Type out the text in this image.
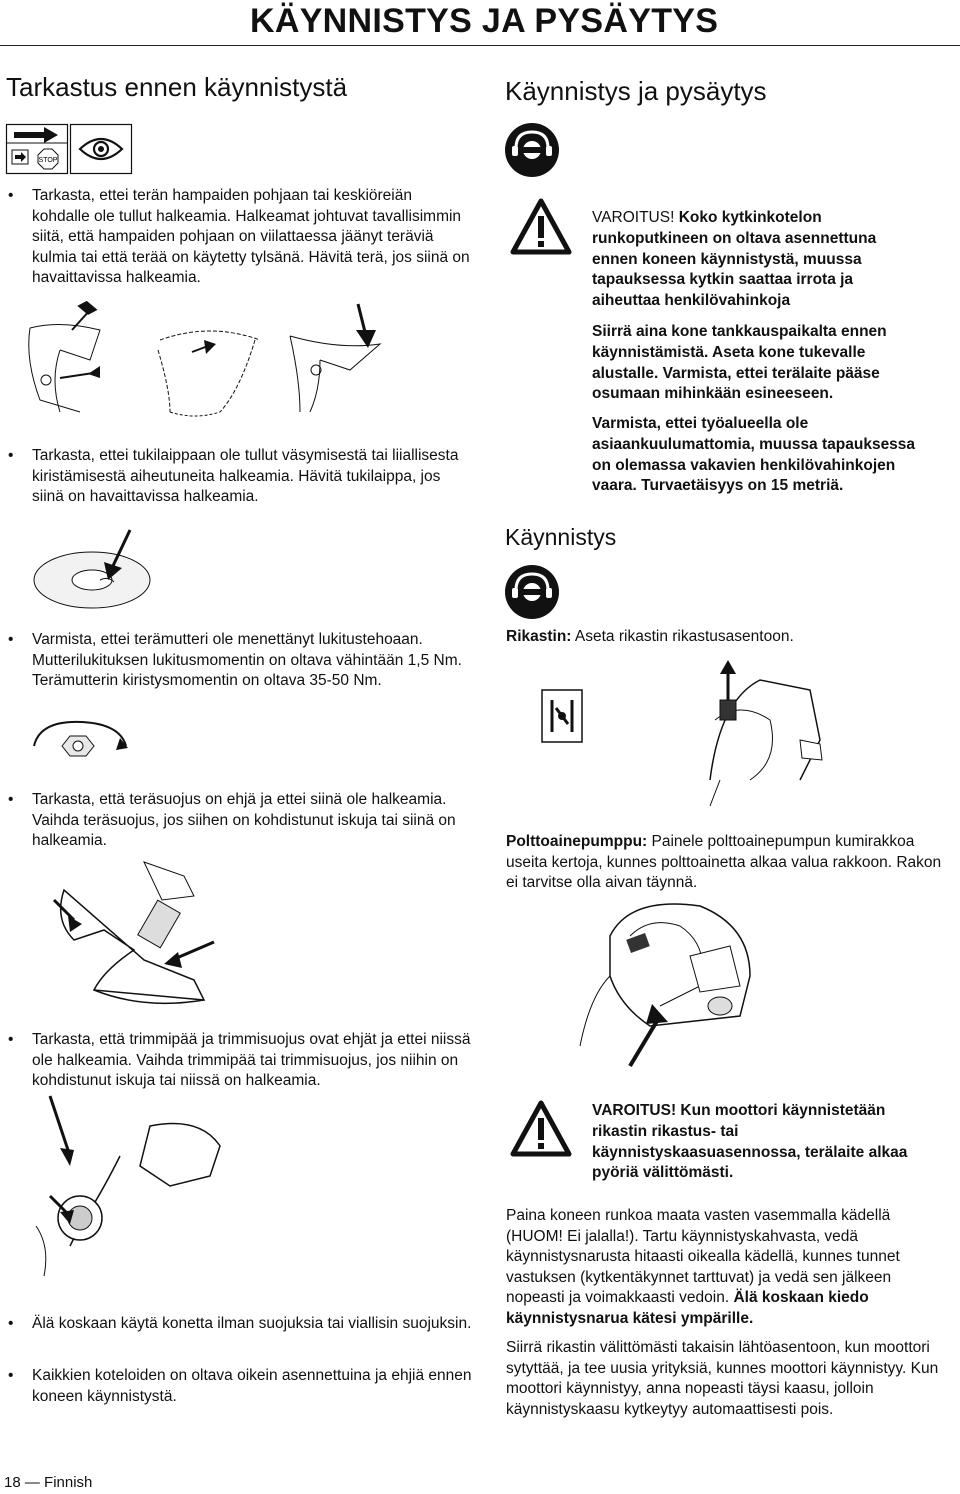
KÄYNNISTYS JA PYSÄYTYS
Tarkastus ennen käynnistystä
STOP
• Tarkasta, ettei terän hampaiden pohjaan tai keskiöreiän kohdalle ole tullut halkeamia. Halkeamat johtuvat tavallisimmin siitä, että hampaiden pohjaan on viilattaessa jäänyt teräviä kulmia tai että terää on käytetty tylsänä. Hävitä terä, jos siinä on havaittavissa halkeamia.
• Tarkasta, ettei tukilaippaan ole tullut väsymisestä tai liiallisesta kiristämisestä aiheutuneita halkeamia. Hävitä tukilaippa, jos siinä on havaittavissa halkeamia.
• Varmista, ettei terämutteri ole menettänyt lukitustehoaan. Mutterilukituksen lukitusmomentin on oltava vähintään 1,5 Nm. Terämutterin kiristysmomentin on oltava 35-50 Nm.
• Tarkasta, että teräsuojus on ehjä ja ettei siinä ole halkeamia. Vaihda teräsuojus, jos siihen on kohdistunut iskuja tai siinä on halkeamia.
• Tarkasta, että trimmipää ja trimmisuojus ovat ehjät ja ettei niissä ole halkeamia. Vaihda trimmipää tai trimmisuojus, jos niihin on kohdistunut iskuja tai niissä on halkeamia.
• Älä koskaan käytä konetta ilman suojuksia tai viallisin suojuksin.
• Kaikkien koteloiden on oltava oikein asennettuina ja ehjiä ennen koneen käynnistystä.
Käynnistys ja pysäytys
VAROITUS! Koko kytkinkotelon runkoputkineen on oltava asennettuna ennen koneen käynnistystä, muussa tapauksessa kytkin saattaa irrota ja aiheuttaa henkilövahinkoja
Siirrä aina kone tankkauspaikalta ennen käynnistämistä. Aseta kone tukevalle alustalle. Varmista, ettei terälaite pääse osumaan mihinkään esineeseen.
Varmista, ettei työalueella ole asiaankuulumattomia, muussa tapauksessa on olemassa vakavien henkilövahinkojen vaara. Turvaetäisyys on 15 metriä.
Käynnistys
Rikastin: Aseta rikastin rikastusasentoon.
Polttoainepumppu: Painele polttoainepumpun kumirakkoa useita kertoja, kunnes polttoainetta alkaa valua rakkoon. Rakon ei tarvitse olla aivan täynnä.
VAROITUS! Kun moottori käynnistetään rikastin rikastus- tai käynnistyskaasuasennossa, terälaite alkaa pyöriä välittömästi.
Paina koneen runkoa maata vasten vasemmalla kädellä (HUOM! Ei jalalla!). Tartu käynnistyskahvasta, vedä käynnistysnarusta hitaasti oikealla kädellä, kunnes tunnet vastuksen (kytkentäkynnet tarttuvat) ja vedä sen jälkeen nopeasti ja voimakkaasti vedoin. Älä koskaan kiedo käynnistysnarua kätesi ympärille.
Siirrä rikastin välittömästi takaisin lähtöasentoon, kun moottori sytyttää, ja tee uusia yrityksiä, kunnes moottori käynnistyy. Kun moottori käynnistyy, anna nopeasti täysi kaasu, jolloin käynnistyskaasu kytkeytyy automaattisesti pois.
18 — Finnish
